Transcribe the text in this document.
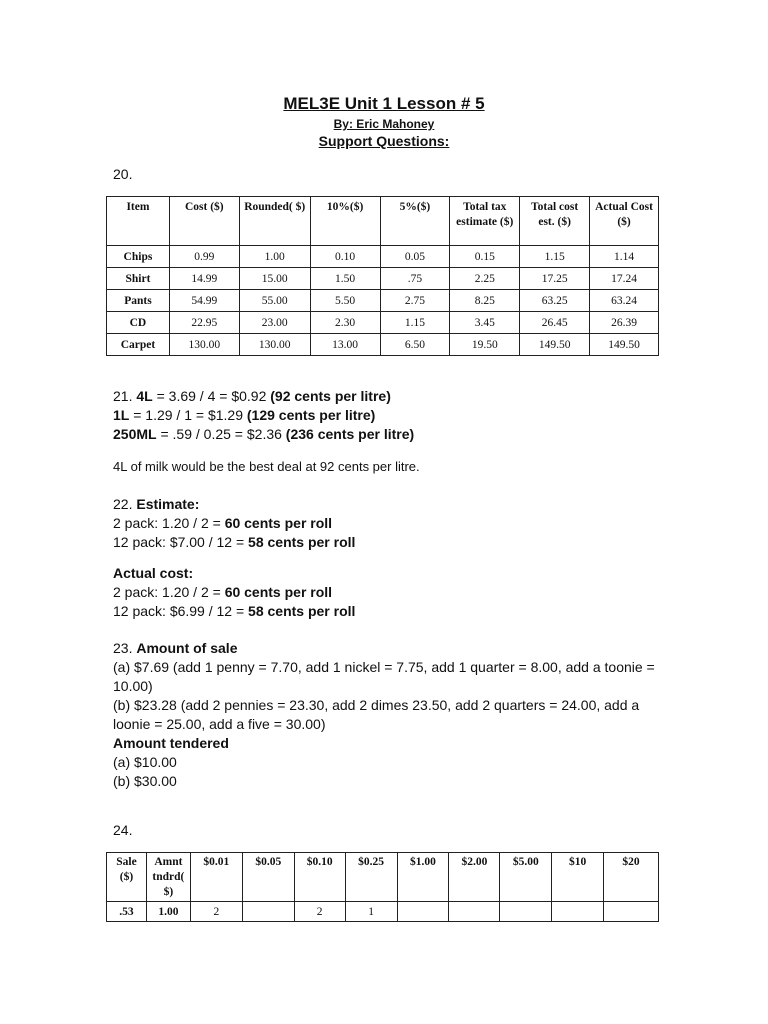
MEL3E Unit 1 Lesson # 5
By: Eric Mahoney
Support Questions:
20.
Item	Cost ($)	Rounded( $)	10%($)	5%($)	Total tax estimate ($)	Total cost est. ($)	Actual Cost ($)
Chips	0.99	1.00	0.10	0.05	0.15	1.15	1.14
Shirt	14.99	15.00	1.50	.75	2.25	17.25	17.24
Pants	54.99	55.00	5.50	2.75	8.25	63.25	63.24
CD	22.95	23.00	2.30	1.15	3.45	26.45	26.39
Carpet	130.00	130.00	13.00	6.50	19.50	149.50	149.50
21. 4L = 3.69 / 4 = $0.92 (92 cents per litre)
1L = 1.29 / 1 = $1.29 (129 cents per litre)
250ML = .59 / 0.25 = $2.36 (236 cents per litre)
4L of milk would be the best deal at 92 cents per litre.
22. Estimate:
2 pack: 1.20 / 2 = 60 cents per roll
12 pack: $7.00 / 12 = 58 cents per roll
Actual cost:
2 pack: 1.20 / 2 = 60 cents per roll
12 pack: $6.99 / 12 = 58 cents per roll
23. Amount of sale
(a) $7.69 (add 1 penny = 7.70, add 1 nickel = 7.75, add 1 quarter = 8.00, add a toonie =
10.00)
(b) $23.28 (add 2 pennies = 23.30, add 2 dimes 23.50, add 2 quarters = 24.00, add a
loonie = 25.00, add a five = 30.00)
Amount tendered
(a) $10.00
(b) $30.00
24.
Sale ($)	Amnt tndrd( $)	$0.01	$0.05	$0.10	$0.25	$1.00	$2.00	$5.00	$10	$20
.53	1.00	2		2	1					
